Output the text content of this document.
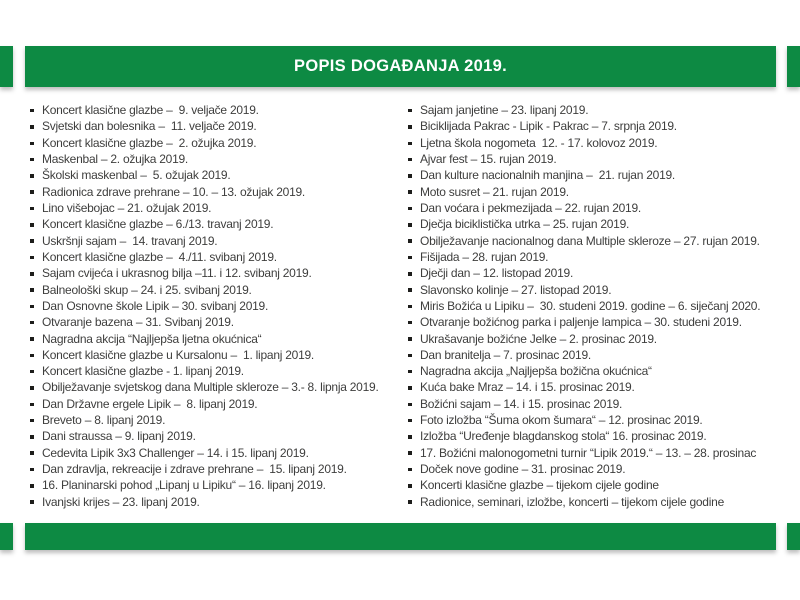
POPIS DOGAĐANJA 2019.
Koncert klasične glazbe –  9. veljače 2019.
Svjetski dan bolesnika –  11. veljače 2019.
Koncert klasične glazbe –  2. ožujka 2019.
Maskenbal – 2. ožujka 2019.
Školski maskenbal –  5. ožujak 2019.
Radionica zdrave prehrane – 10. – 13. ožujak 2019.
Lino višebojac – 21. ožujak 2019.
Koncert klasične glazbe – 6./13. travanj 2019.
Uskršnji sajam –  14. travanj 2019.
Koncert klasične glazbe –  4./11. svibanj 2019.
Sajam cvijeća i ukrasnog bilja –11. i 12. svibanj 2019.
Balneološki skup – 24. i 25. svibanj 2019.
Dan Osnovne škole Lipik – 30. svibanj 2019.
Otvaranje bazena – 31. Svibanj 2019.
Nagradna akcija “Najljepša ljetna okućnica“
Koncert klasične glazbe u Kursalonu –  1. lipanj 2019.
Koncert klasične glazbe - 1. lipanj 2019.
Obilježavanje svjetskog dana Multiple skleroze – 3.- 8. lipnja 2019.
Dan Državne ergele Lipik –  8. lipanj 2019.
Breveto – 8. lipanj 2019.
Dani straussa – 9. lipanj 2019.
Cedevita Lipik 3x3 Challenger – 14. i 15. lipanj 2019.
Dan zdravlja, rekreacije i zdrave prehrane –  15. lipanj 2019.
16. Planinarski pohod „Lipanj u Lipiku“ – 16. lipanj 2019.
Ivanjski krijes – 23. lipanj 2019.
Sajam janjetine – 23. lipanj 2019.
Biciklijada Pakrac - Lipik - Pakrac – 7. srpnja 2019.
Ljetna škola nogometa  12. - 17. kolovoz 2019.
Ajvar fest – 15. rujan 2019.
Dan kulture nacionalnih manjina –  21. rujan 2019.
Moto susret – 21. rujan 2019.
Dan voćara i pekmezijada – 22. rujan 2019.
Dječja biciklistička utrka – 25. rujan 2019.
Obilježavanje nacionalnog dana Multiple skleroze – 27. rujan 2019.
Fišijada – 28. rujan 2019.
Dječji dan – 12. listopad 2019.
Slavonsko kolinje – 27. listopad 2019.
Miris Božića u Lipiku –  30. studeni 2019. godine – 6. siječanj 2020.
Otvaranje božićnog parka i paljenje lampica – 30. studeni 2019.
Ukrašavanje božićne Jelke – 2. prosinac 2019.
Dan branitelja – 7. prosinac 2019.
Nagradna akcija „Najljepša božična okućnica“
Kuća bake Mraz – 14. i 15. prosinac 2019.
Božićni sajam – 14. i 15. prosinac 2019.
Foto izložba “Šuma okom šumara“ – 12. prosinac 2019.
Izložba “Uređenje blagdanskog stola“ 16. prosinac 2019.
17. Božićni malonogometni turnir “Lipik 2019.“ – 13. – 28. prosinac
Doček nove godine – 31. prosinac 2019.
Koncerti klasične glazbe – tijekom cijele godine
Radionice, seminari, izložbe, koncerti – tijekom cijele godine
